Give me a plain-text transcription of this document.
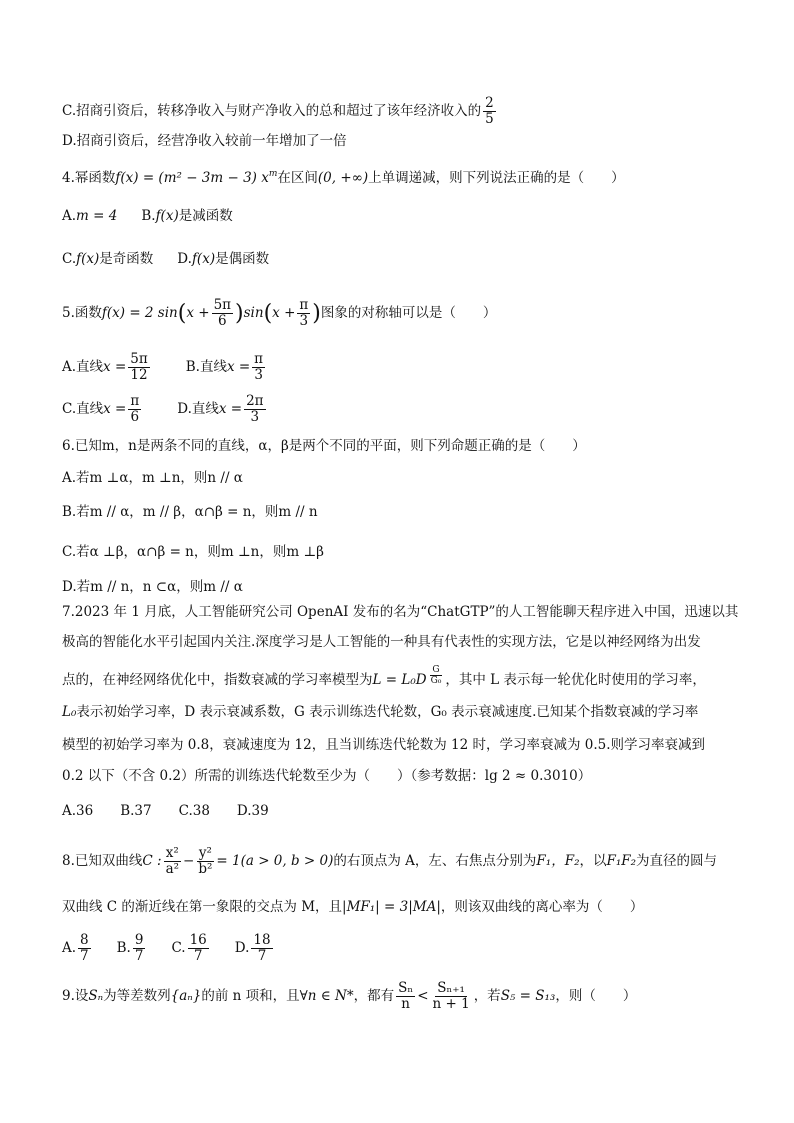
C.招商引资后，转移净收入与财产净收入的总和超过了该年经济收入的 $\frac{2}{5}$
D.招商引资后，经营净收入较前一年增加了一倍
4.幂函数f(x) = (m² − 3m − 3) $x^m$在区间(0, +∞)上单调递减，则下列说法正确的是（　　）
A.m = 4 B.f(x)是减函数
C.f(x)是奇函数 D.f(x)是偶函数
5.函数f(x) = 2 $\sin(x + \frac{5\pi}{6} )\sin(x + \frac{\pi}{3}$ )图象的对称轴可以是（　　）
A.直线$x = \frac{5\pi}{12}$	B.直线$x = \frac{\pi}{3}$
C.直线$x = \frac{\pi}{6}$	D.直线$x = \frac{2\pi}{3}$
6.已知m，n是两条不同的直线，α，β是两个不同的平面，则下列命题正确的是（　　）
A.若m ⊥α，m ⊥n，则n // α
B.若m // α，m // β，α∩β = n，则m // n
C.若α ⊥β，α∩β = n，则m ⊥n，则m ⊥β
D.若m // n，n ⊂α，则m // α
7.2023 年 1 月底，人工智能研究公司 OpenAI 发布的名为“ChatGTP”的人工智能聊天程序进入中国，迅速以其
极高的智能化水平引起国内关注.深度学习是人工智能的一种具有代表性的实现方法，它是以神经网络为出发
点的，在神经网络优化中，指数衰减的学习率模型为$L = L_0D \frac{G}{\text{G₀}}$ ，其中 L 表示每一轮优化时使用的学习率，
L₀表示初始学习率，D 表示衰减系数，G 表示训练迭代轮数，G₀ 表示衰减速度.已知某个指数衰减的学习率
模型的初始学习率为 0.8，衰减速度为 12，且当训练迭代轮数为 12 时，学习率衰减为 0.5.则学习率衰减到
0.2 以下（不含 0.2）所需的训练迭代轮数至少为（　　）（参考数据：lg 2 ≈ 0.3010）
A.36　　B.37　　C.38　　D.39
8.已知双曲线C : $\frac{\text{x²}}{\text{a²}} - \frac{\text{y²}}{\text{b²}} = 1(a > 0$, b > 0)的右顶点为 A，左、右焦点分别为F₁，F₂，以F₁F₂为直径的圆与
双曲线 C 的渐近线在第一象限的交点为 M，且|MF₁| = 3|MA|，则该双曲线的离心率为（　　）
A. $\frac{8}{7} B$. $\frac{9}{7} C$. $\frac{16}{7} D$. $\frac{18}{7}$
9.设Sₙ为等差数列{aₙ}的前 n 项和，且∀n ∈ N*，都有 $\frac{\text{Sₙ}}{n} < \frac{\text{Sₙ₊₁}}{n + 1}$ ，若S₅ = S₁₃，则（　　）
